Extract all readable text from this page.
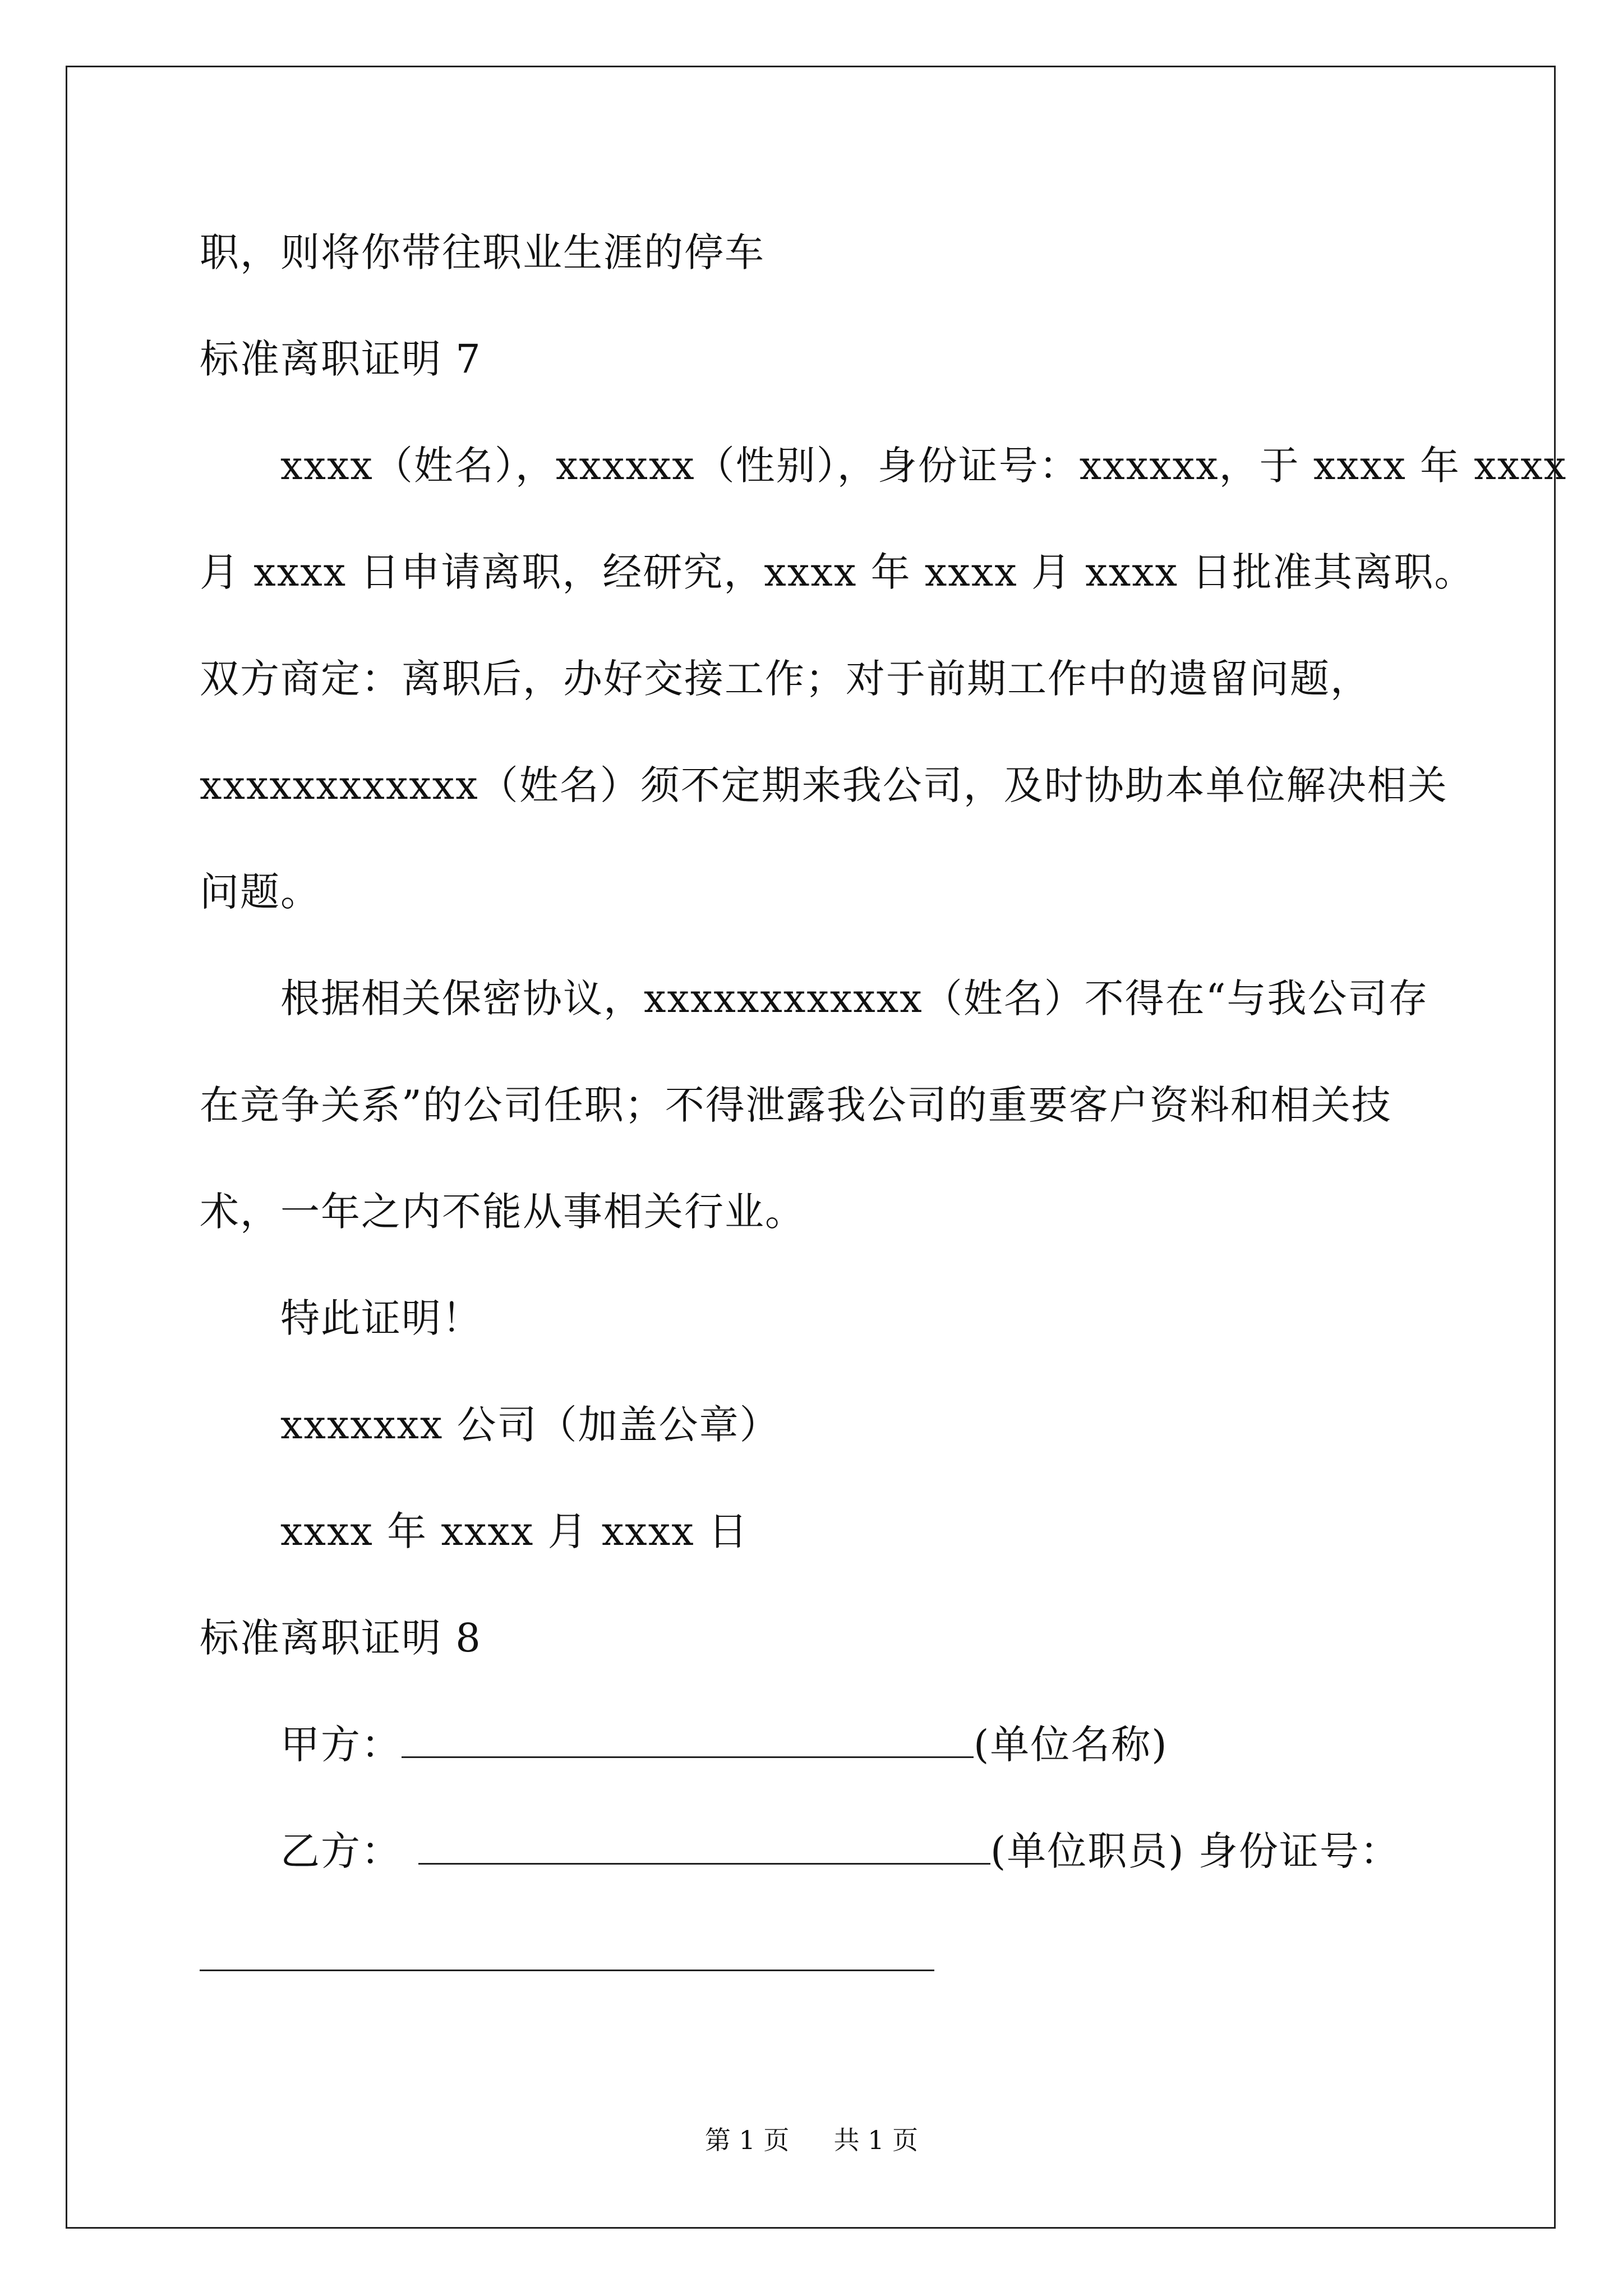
职，则将你带往职业生涯的停车
标准离职证明 7
xxxx（姓名），xxxxxx（性别），身份证号：xxxxxx，于 xxxx 年 xxxx
月 xxxx 日申请离职，经研究，xxxx 年 xxxx 月 xxxx 日批准其离职。
双方商定：离职后，办好交接工作；对于前期工作中的遗留问题，
xxxxxxxxxxxx（姓名）须不定期来我公司，及时协助本单位解决相关
问题。
根据相关保密协议，xxxxxxxxxxxx（姓名）不得在“与我公司存
在竞争关系”的公司任职；不得泄露我公司的重要客户资料和相关技
术，一年之内不能从事相关行业。
特此证明！
xxxxxxx 公司（加盖公章）
xxxx 年 xxxx 月 xxxx 日
标准离职证明 8
甲方：	(单位名称)
乙方：	(单位职员) 身份证号：
第 1 页 共 1 页
